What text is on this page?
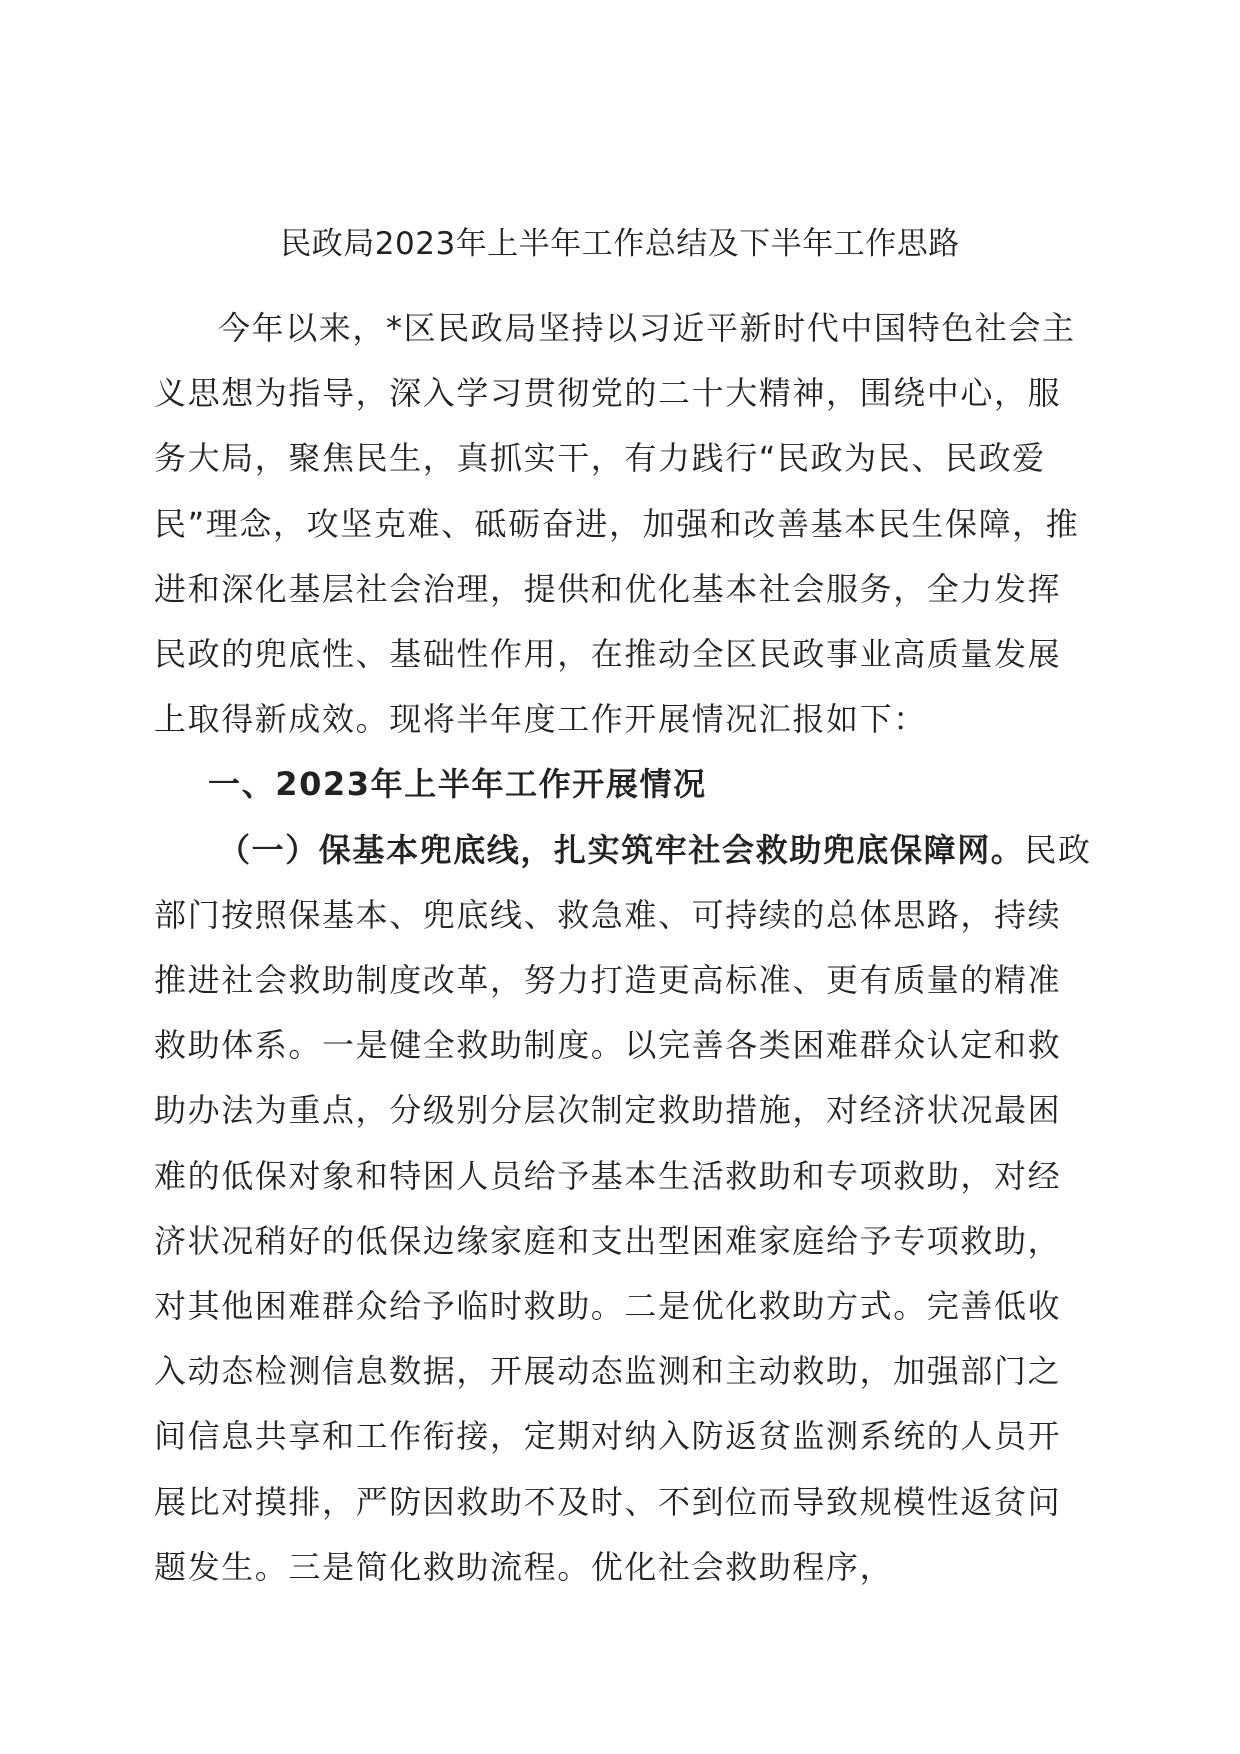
民政局2023年上半年工作总结及下半年工作思路

今年以来，*区民政局坚持以习近平新时代中国特色社会主义思想为指导，深入学习贯彻党的二十大精神，围绕中心，服务大局，聚焦民生，真抓实干，有力践行“民政为民、民政爱民”理念，攻坚克难、砥砺奋进，加强和改善基本民生保障，推进和深化基层社会治理，提供和优化基本社会服务，全力发挥民政的兜底性、基础性作用，在推动全区民政事业高质量发展上取得新成效。现将半年度工作开展情况汇报如下：

一、2023年上半年工作开展情况

（一）保基本兜底线，扎实筑牢社会救助兜底保障网。民政部门按照保基本、兜底线、救急难、可持续的总体思路，持续推进社会救助制度改革，努力打造更高标准、更有质量的精准救助体系。一是健全救助制度。以完善各类困难群众认定和救助办法为重点，分级别分层次制定救助措施，对经济状况最困难的低保对象和特困人员给予基本生活救助和专项救助，对经济状况稍好的低保边缘家庭和支出型困难家庭给予专项救助，对其他困难群众给予临时救助。二是优化救助方式。完善低收入动态检测信息数据，开展动态监测和主动救助，加强部门之间信息共享和工作衔接，定期对纳入防返贫监测系统的人员开展比对摸排，严防因救助不及时、不到位而导致规模性返贫问题发生。三是简化救助流程。优化社会救助程序，
